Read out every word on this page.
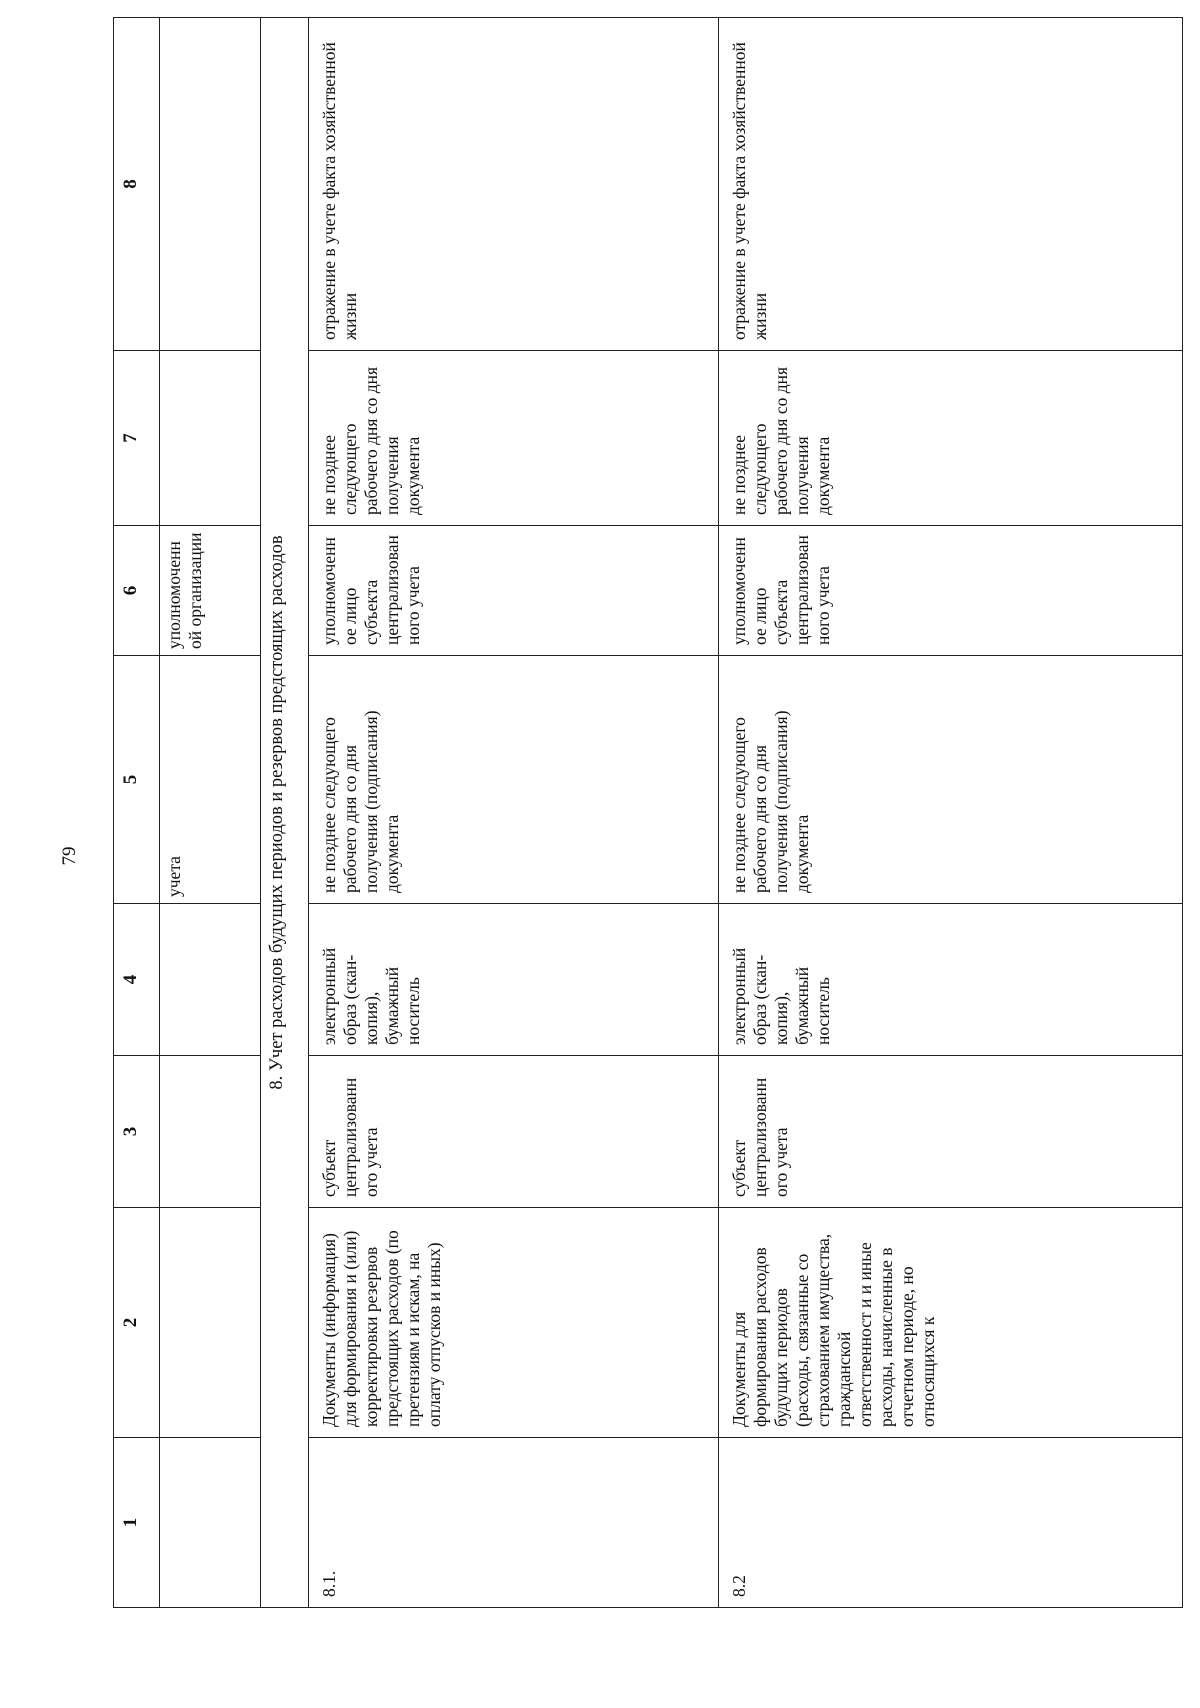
79
1	2	3	4	5	6	7	8
				учета	уполномоченн ой организации		
8. Учет расходов будущих периодов и резервов предстоящих расходов							
8.1.	Документы (информация) для формирования и (или) корректировки резервов предстоящих расходов (по претензиям и искам, на оплату отпусков и иных)	субъект централизованн ого учета	электронный образ (скан-копия), бумажный носитель	не позднее следующего рабочего дня со дня получения (подписания) документа	уполномоченн ое лицо субъекта централизован ного учета	не позднее следующего рабочего дня со дня получения документа	отражение в учете факта хозяйственной жизни
8.2	Документы для формирования расходов будущих периодов (расходы, связанные со страхованием имущества, гражданской ответственност и и иные расходы, начисленные в отчетном периоде, но относящихся к	субъект централизованн ого учета	электронный образ (скан-копия), бумажный носитель	не позднее следующего рабочего дня со дня получения (подписания) документа	уполномоченн ое лицо субъекта централизован ного учета	не позднее следующего рабочего дня со дня получения документа	отражение в учете факта хозяйственной жизни
